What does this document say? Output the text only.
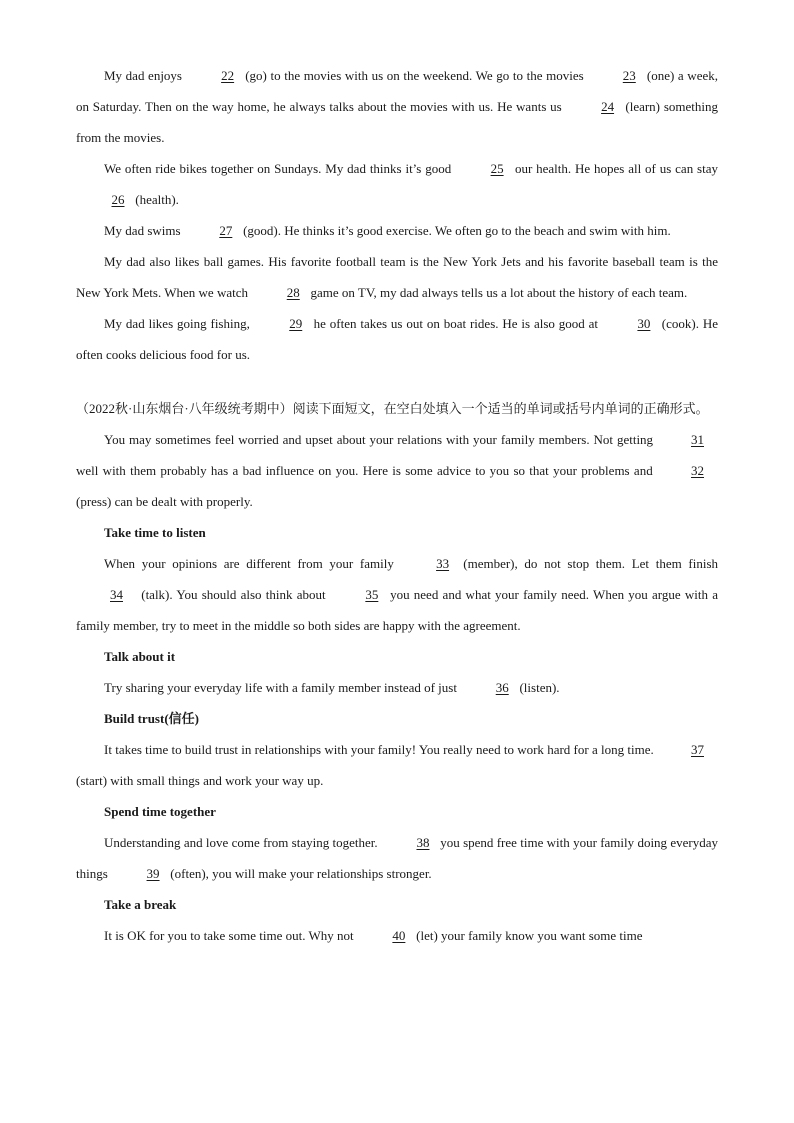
My dad enjoys	22 (go) to the movies with us on the weekend. We go to the movies	23 (one) a week, on Saturday. Then on the way home, he always talks about the movies with us. He wants us	24 (learn) something from the movies.

We often ride bikes together on Sundays. My dad thinks it’s good	25 our health. He hopes all of us can stay 26 (health).

My dad swims	27 (good). He thinks it’s good exercise. We often go to the beach and swim with him.

My dad also likes ball games. His favorite football team is the New York Jets and his favorite baseball team is the New York Mets. When we watch	28 game on TV, my dad always tells us a lot about the history of each team.

My dad likes going fishing,	29 he often takes us out on boat rides. He is also good at	30 (cook). He often cooks delicious food for us.

（2022秋·山东烟台·八年级统考期中）阅读下面短文，在空白处填入一个适当的单词或括号内单词的正确形式。

You may sometimes feel worried and upset about your relations with your family members. Not getting	31 well with them probably has a bad influence on you. Here is some advice to you so that your problems and	32 (press) can be dealt with properly.

Take time to listen

When your opinions are different from your family	33 (member), do not stop them. Let them finish 34 (talk). You should also think about	35 you need and what your family need. When you argue with a family member, try to meet in the middle so both sides are happy with the agreement.

Talk about it

Try sharing your everyday life with a family member instead of just	36 (listen).

Build trust(信任)

It takes time to build trust in relationships with your family! You really need to work hard for a long time.	37 (start) with small things and work your way up.

Spend time together

Understanding and love come from staying together.	38 you spend free time with your family doing everyday things	39 (often), you will make your relationships stronger.

Take a break

It is OK for you to take some time out. Why not	40 (let) your family know you want some time
